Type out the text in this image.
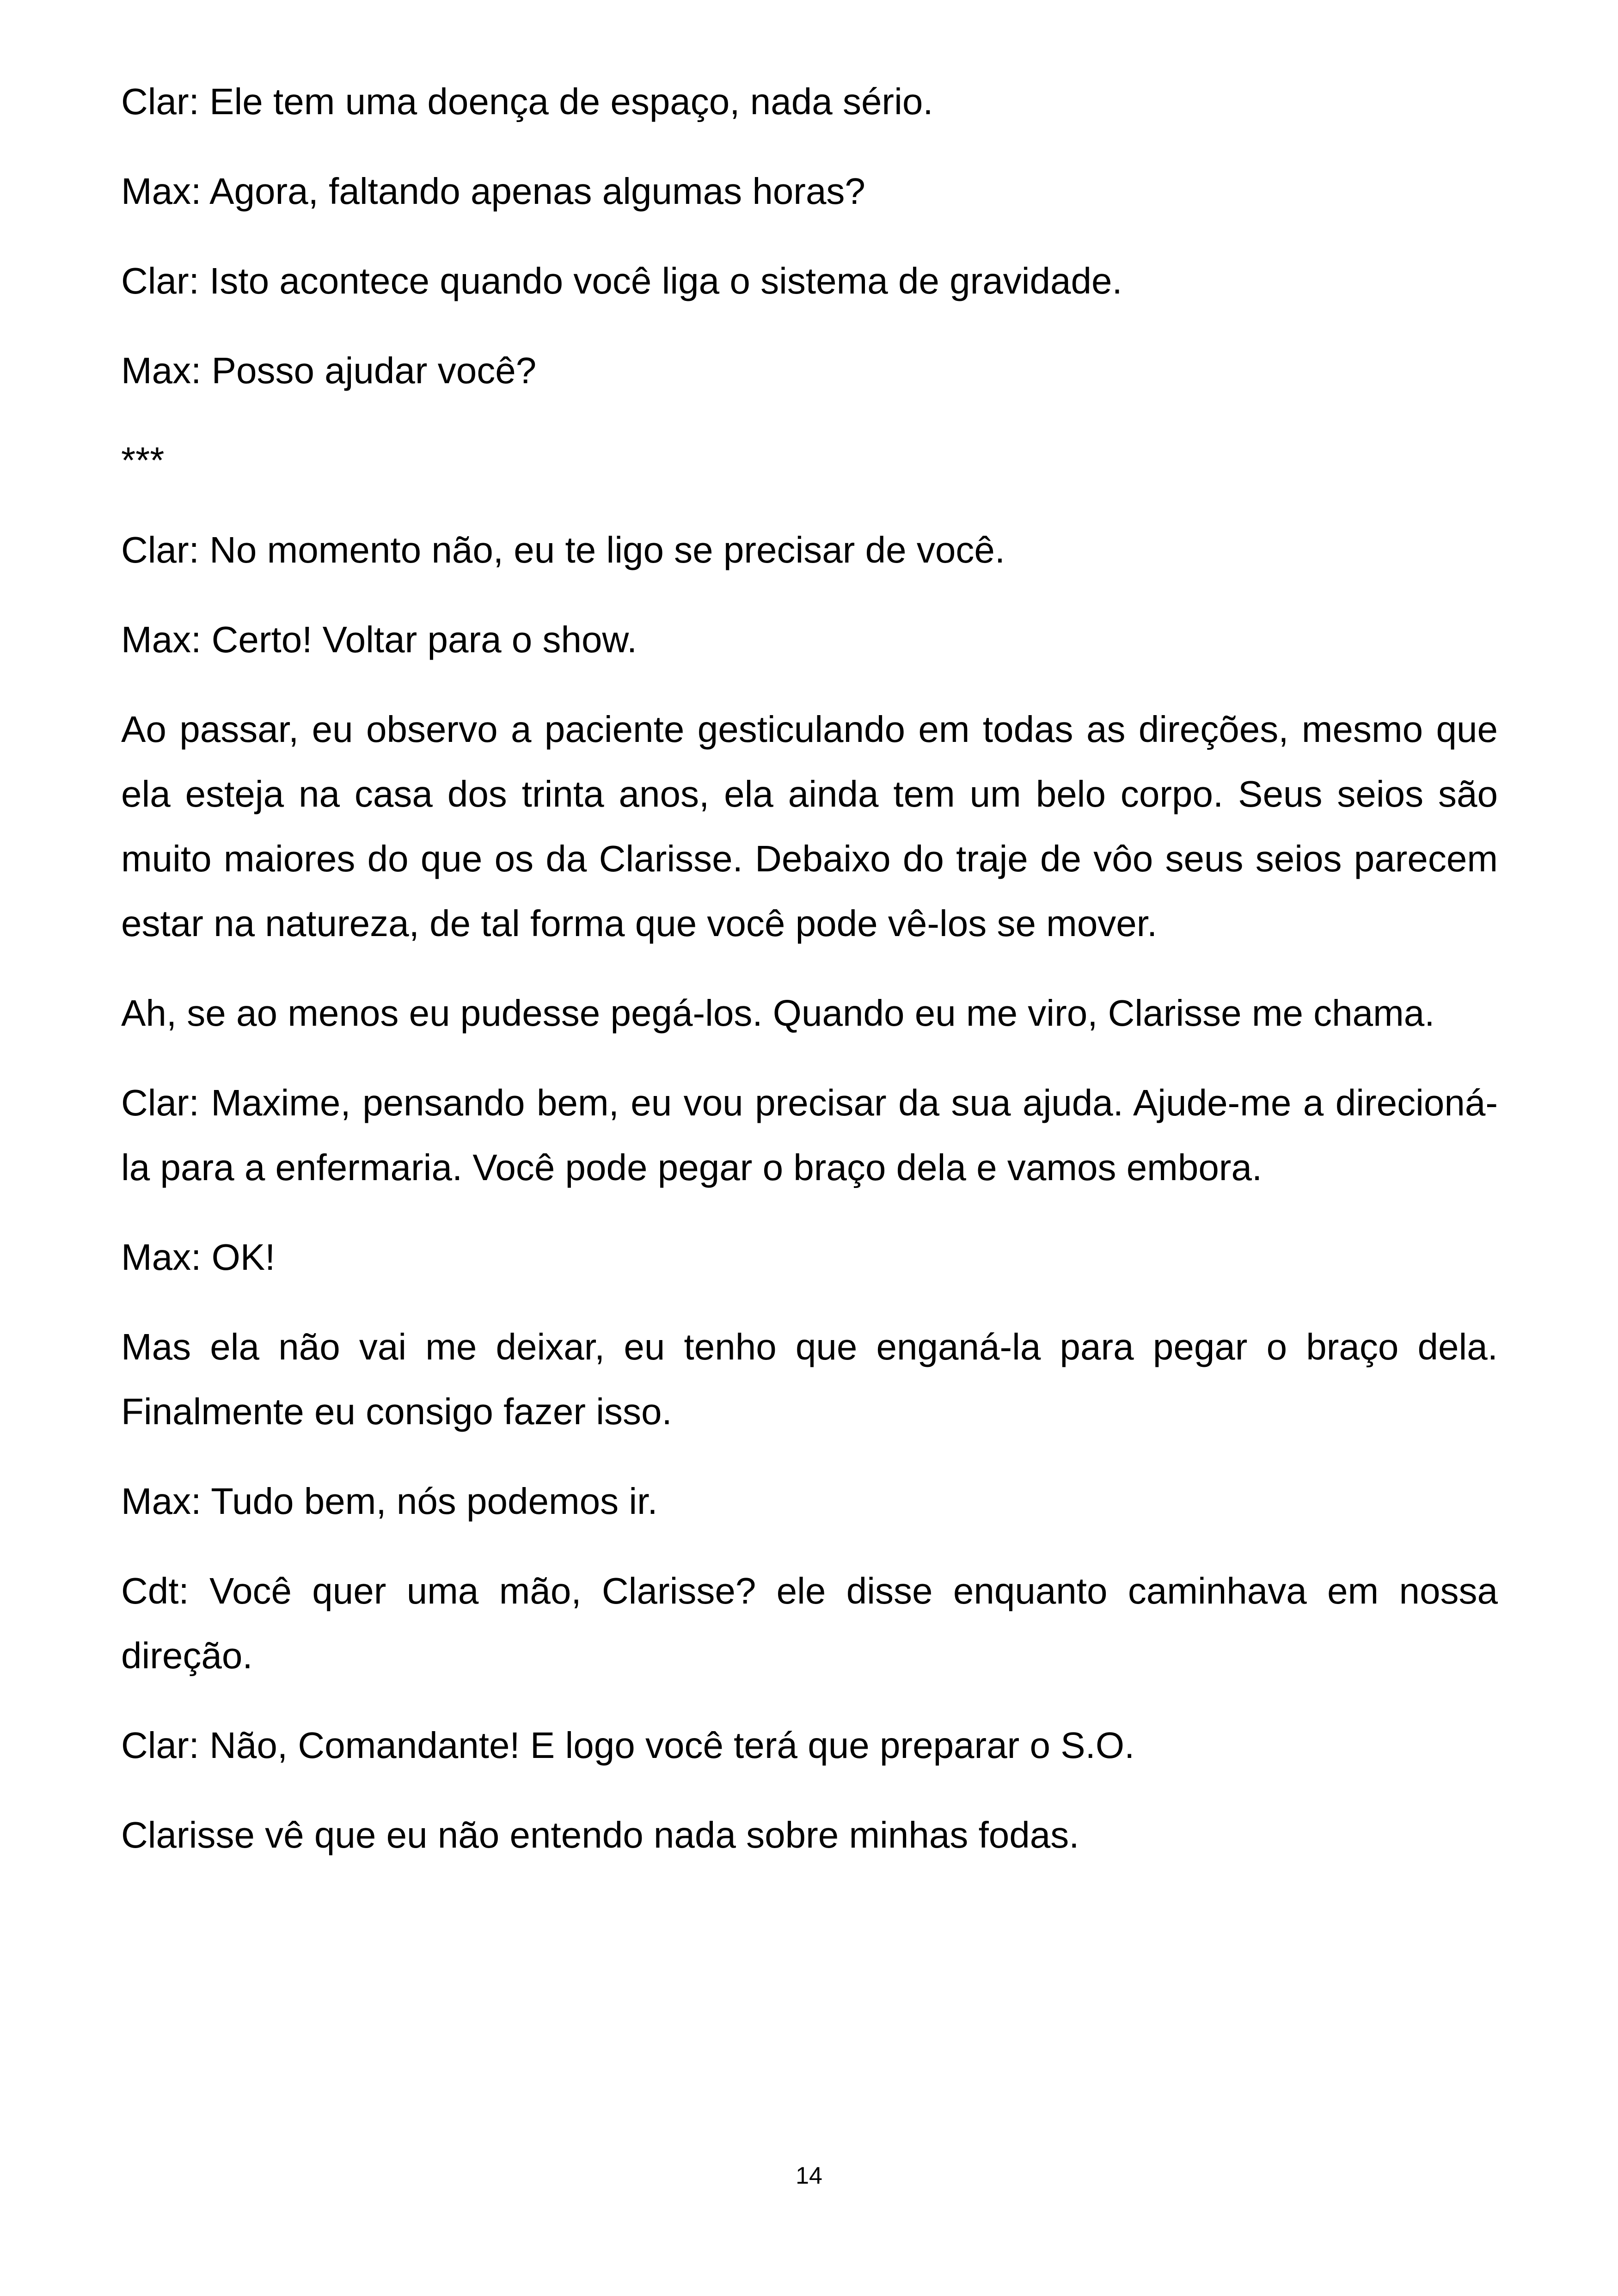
Clar: Ele tem uma doença de espaço, nada sério.

Max: Agora, faltando apenas algumas horas?

Clar: Isto acontece quando você liga o sistema de gravidade.

Max: Posso ajudar você?

***

Clar: No momento não, eu te ligo se precisar de você.

Max: Certo! Voltar para o show.

Ao passar, eu observo a paciente gesticulando em todas as direções, mesmo que ela esteja na casa dos trinta anos, ela ainda tem um belo corpo. Seus seios são muito maiores do que os da Clarisse. Debaixo do traje de vôo seus seios parecem estar na natureza, de tal forma que você pode vê-los se mover.

Ah, se ao menos eu pudesse pegá-los. Quando eu me viro, Clarisse me chama.

Clar: Maxime, pensando bem, eu vou precisar da sua ajuda. Ajude-me a direcioná-la para a enfermaria. Você pode pegar o braço dela e vamos embora.

Max: OK!

Mas ela não vai me deixar, eu tenho que enganá-la para pegar o braço dela. Finalmente eu consigo fazer isso.

Max: Tudo bem, nós podemos ir.

Cdt: Você quer uma mão, Clarisse? ele disse enquanto caminhava em nossa direção.

Clar: Não, Comandante! E logo você terá que preparar o S.O.

Clarisse vê que eu não entendo nada sobre minhas fodas.

14
